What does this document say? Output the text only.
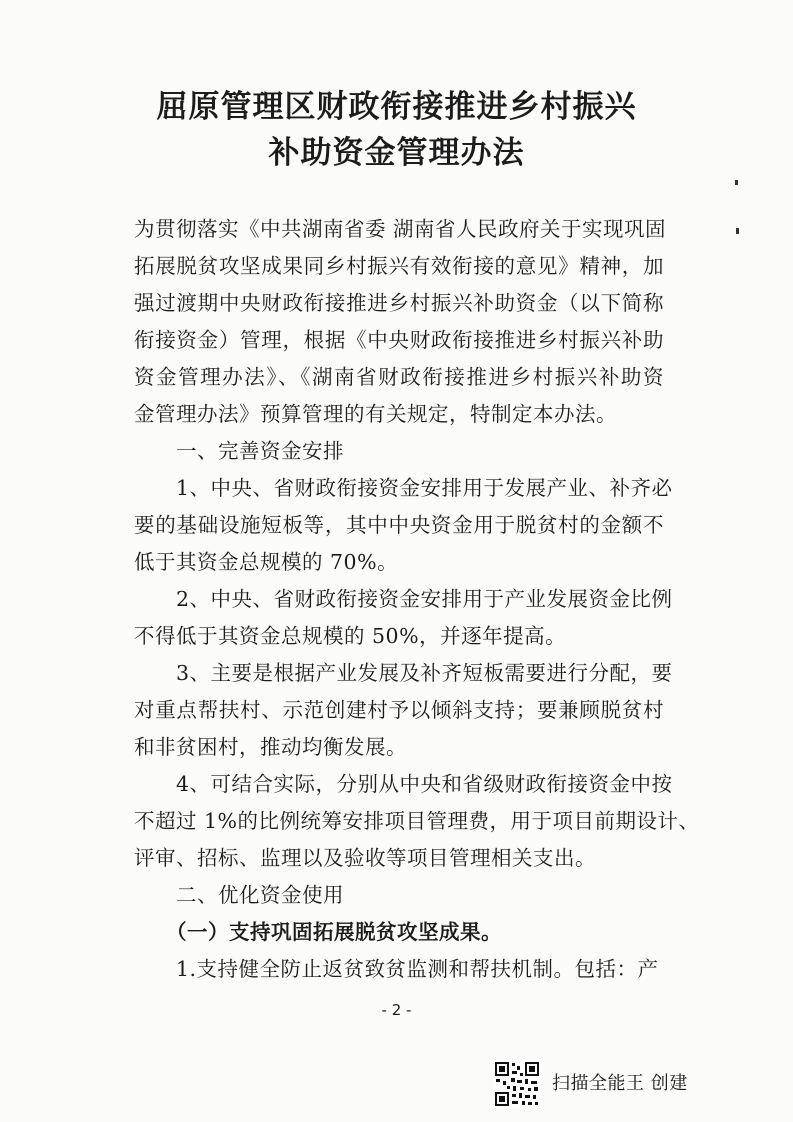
屈原管理区财政衔接推进乡村振兴
补助资金管理办法
为贯彻落实《中共湖南省委 湖南省人民政府关于实现巩固
拓展脱贫攻坚成果同乡村振兴有效衔接的意见》精神，加
强过渡期中央财政衔接推进乡村振兴补助资金（以下简称
衔接资金）管理，根据《中央财政衔接推进乡村振兴补助
资金管理办法》、《湖南省财政衔接推进乡村振兴补助资
金管理办法》预算管理的有关规定，特制定本办法。
一、完善资金安排
1、中央、省财政衔接资金安排用于发展产业、补齐必
要的基础设施短板等，其中中央资金用于脱贫村的金额不
低于其资金总规模的 70%。
2、中央、省财政衔接资金安排用于产业发展资金比例
不得低于其资金总规模的 50%，并逐年提高。
3、主要是根据产业发展及补齐短板需要进行分配，要
对重点帮扶村、示范创建村予以倾斜支持；要兼顾脱贫村
和非贫困村，推动均衡发展。
4、可结合实际，分别从中央和省级财政衔接资金中按
不超过 1%的比例统筹安排项目管理费，用于项目前期设计、
评审、招标、监理以及验收等项目管理相关支出。
二、优化资金使用
（一）支持巩固拓展脱贫攻坚成果。
1.支持健全防止返贫致贫监测和帮扶机制。包括：产
- 2 -
扫描全能王 创建
